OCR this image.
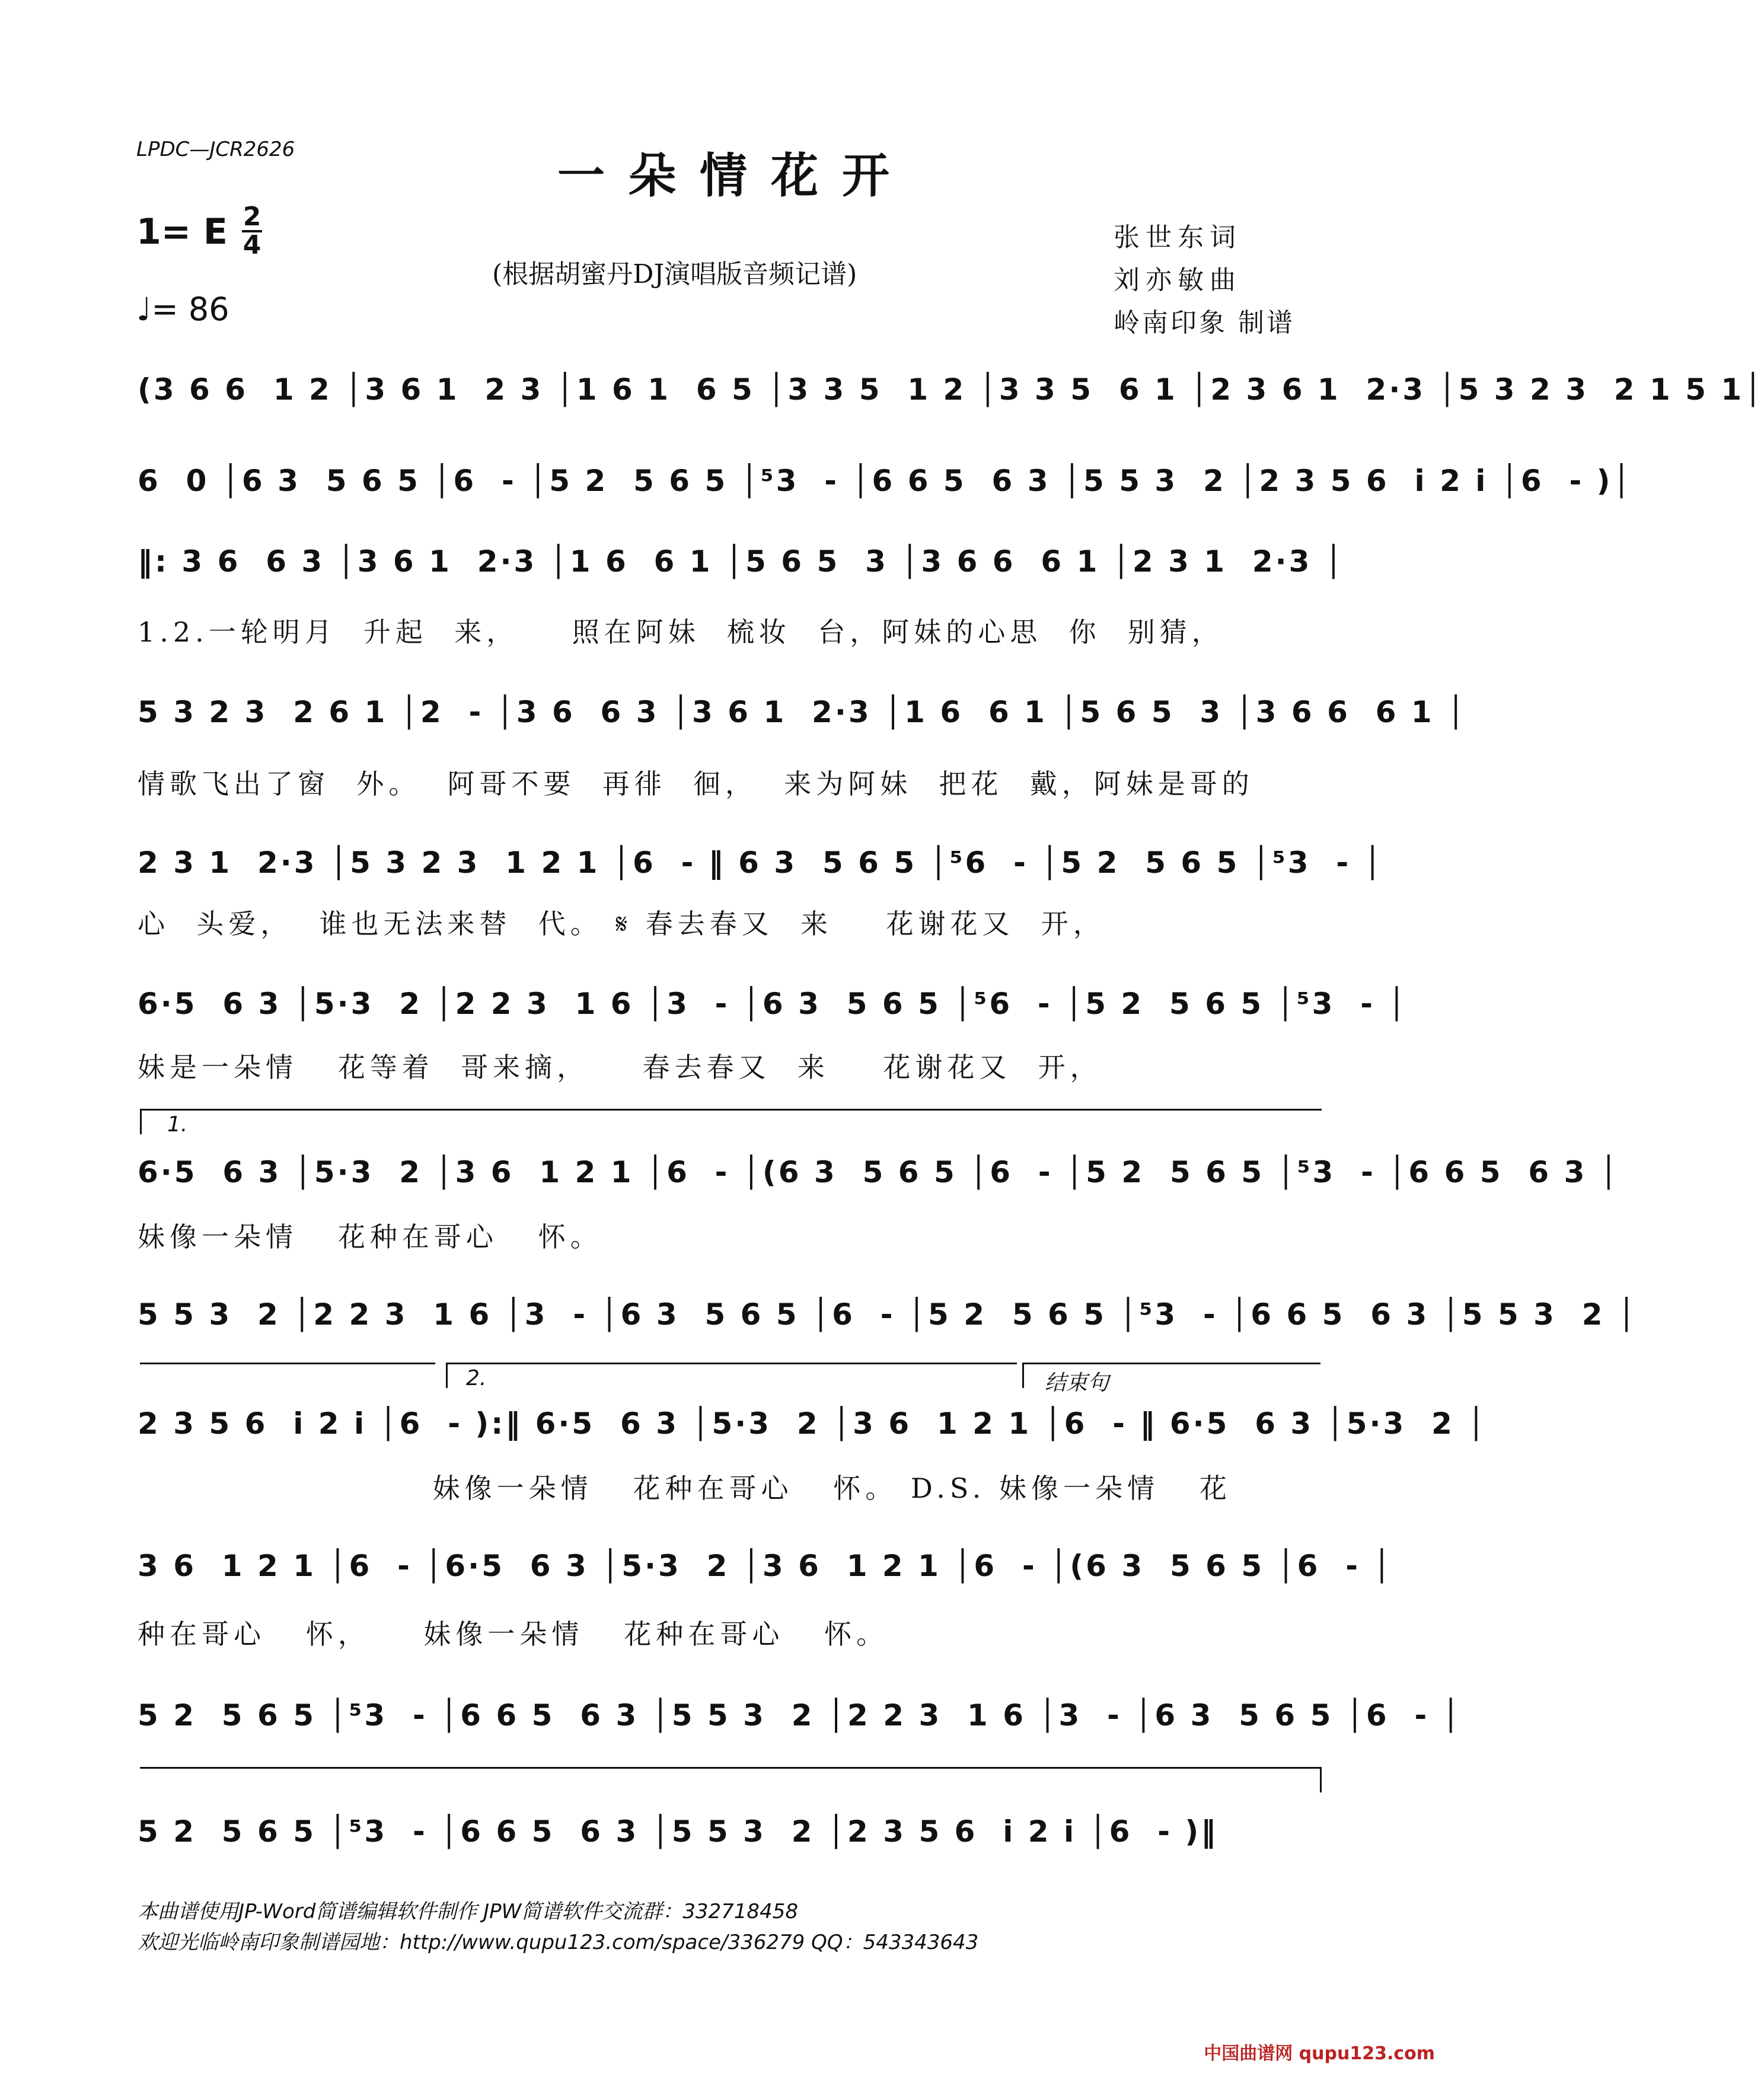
LPDC—JCR2626	一朵情花开
1= E 2
4
♩= 86
(根据胡蜜丹DJ演唱版音频记谱)
张世东词
刘亦敏曲
岭南印象 制谱
(3 6 6  1 2 │3 6 1  2 3 │1 6 1  6 5 │3 3 5  1 2 │3 3 5  6 1 │2 3 6 1  2·3 │5 3 2 3  2 1 5 1│
6  0 │6 3  5 6 5 │6  - │5 2  5 6 5 │⁵3  - │6 6 5  6 3 │5 5 3  2 │2 3 5 6  i 2 i │6  - )│
‖: 3 6  6 3 │3 6 1  2·3 │1 6  6 1 │5 6 5  3 │3 6 6  6 1 │2 3 1  2·3 │
1.2.一轮明月  升起  来，    照在阿妹  梳妆  台，阿妹的心思  你  别猜，
5 3 2 3  2 6 1 │2  - │3 6  6 3 │3 6 1  2·3 │1 6  6 1 │5 6 5  3 │3 6 6  6 1 │
情歌飞出了窗  外。  阿哥不要  再徘  徊，  来为阿妹  把花  戴，阿妹是哥的
2 3 1  2·3 │5 3 2 3  1 2 1 │6  - ‖ 6 3  5 6 5 │⁵6  - │5 2  5 6 5 │⁵3  - │
心  头爱，  谁也无法来替  代。 𝄋 春去春又  来    花谢花又  开，
6·5  6 3 │5·3  2 │2 2 3  1 6 │3  - │6 3  5 6 5 │⁵6  - │5 2  5 6 5 │⁵3  - │
妹是一朵情   花等着  哥来摘，    春去春又  来    花谢花又  开，
1.
6·5  6 3 │5·3  2 │3 6  1 2 1 │6  - │(6 3  5 6 5 │6  - │5 2  5 6 5 │⁵3  - │6 6 5  6 3 │
妹像一朵情   花种在哥心   怀。
5 5 3  2 │2 2 3  1 6 │3  - │6 3  5 6 5 │6  - │5 2  5 6 5 │⁵3  - │6 6 5  6 3 │5 5 3  2 │
2.	结束句
2 3 5 6  i 2 i │6  - ):‖ 6·5  6 3 │5·3  2 │3 6  1 2 1 │6  - ‖ 6·5  6 3 │5·3  2 │
妹像一朵情   花种在哥心   怀。 D.S. 妹像一朵情   花
3 6  1 2 1 │6  - │6·5  6 3 │5·3  2 │3 6  1 2 1 │6  - │(6 3  5 6 5 │6  - │
种在哥心   怀，    妹像一朵情   花种在哥心   怀。
5 2  5 6 5 │⁵3  - │6 6 5  6 3 │5 5 3  2 │2 2 3  1 6 │3  - │6 3  5 6 5 │6  - │
5 2  5 6 5 │⁵3  - │6 6 5  6 3 │5 5 3  2 │2 3 5 6  i 2 i │6  - )‖
本曲谱使用JP-Word简谱编辑软件制作 JPW简谱软件交流群：332718458
欢迎光临岭南印象制谱园地：http://www.qupu123.com/space/336279 QQ：543343643
中国曲谱网 qupu123.com
